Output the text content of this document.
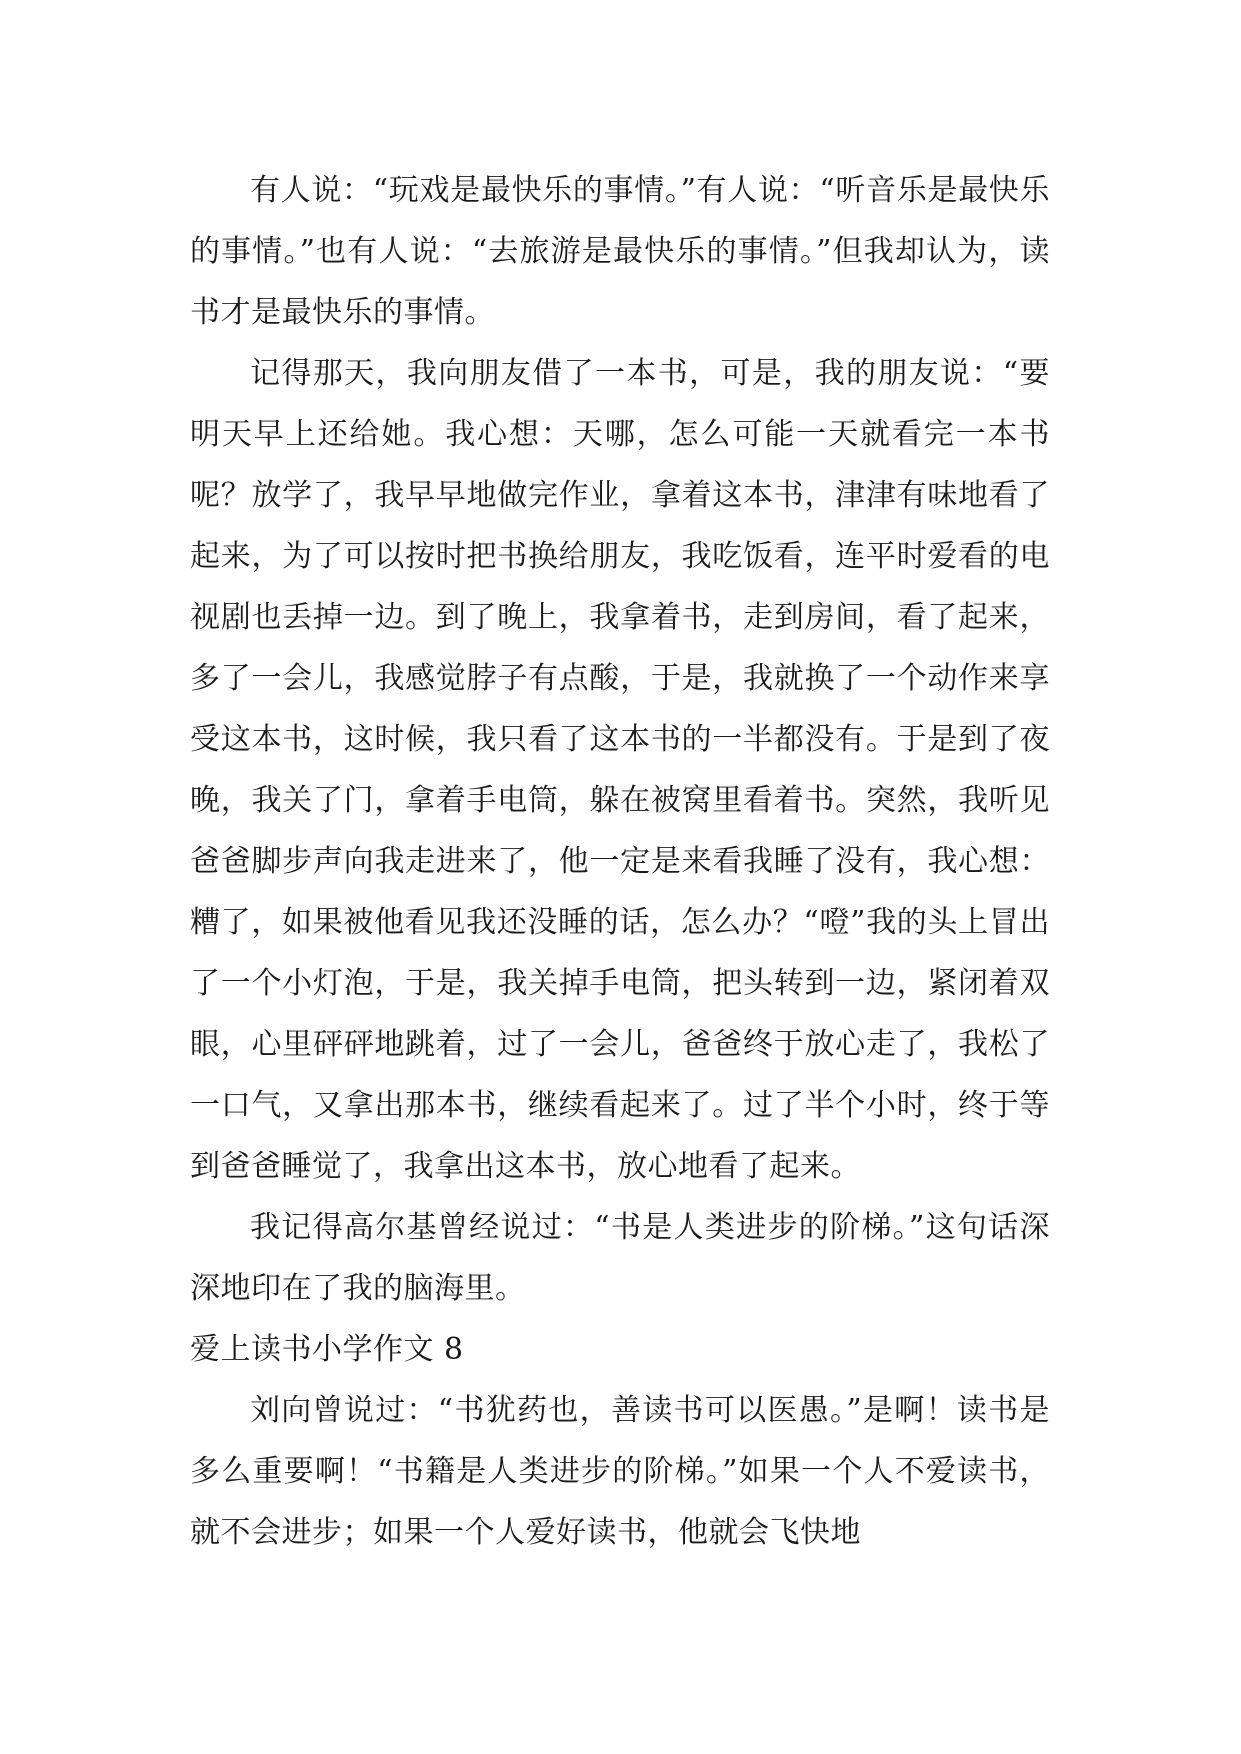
有人说：“玩戏是最快乐的事情。”有人说：“听音乐是最快乐的事情。”也有人说：“去旅游是最快乐的事情。”但我却认为，读书才是最快乐的事情。

记得那天，我向朋友借了一本书，可是，我的朋友说：“要明天早上还给她。我心想：天哪，怎么可能一天就看完一本书呢？放学了，我早早地做完作业，拿着这本书，津津有味地看了起来，为了可以按时把书换给朋友，我吃饭看，连平时爱看的电视剧也丢掉一边。到了晚上，我拿着书，走到房间，看了起来，多了一会儿，我感觉脖子有点酸，于是，我就换了一个动作来享受这本书，这时候，我只看了这本书的一半都没有。于是到了夜晚，我关了门，拿着手电筒，躲在被窝里看着书。突然，我听见爸爸脚步声向我走进来了，他一定是来看我睡了没有，我心想：糟了，如果被他看见我还没睡的话，怎么办？“噔”我的头上冒出了一个小灯泡，于是，我关掉手电筒，把头转到一边，紧闭着双眼，心里砰砰地跳着，过了一会儿，爸爸终于放心走了，我松了一口气，又拿出那本书，继续看起来了。过了半个小时，终于等到爸爸睡觉了，我拿出这本书，放心地看了起来。

我记得高尔基曾经说过：“书是人类进步的阶梯。”这句话深深地印在了我的脑海里。

爱上读书小学作文 8

刘向曾说过：“书犹药也，善读书可以医愚。”是啊！读书是多么重要啊！“书籍是人类进步的阶梯。”如果一个人不爱读书，就不会进步；如果一个人爱好读书，他就会飞快地
